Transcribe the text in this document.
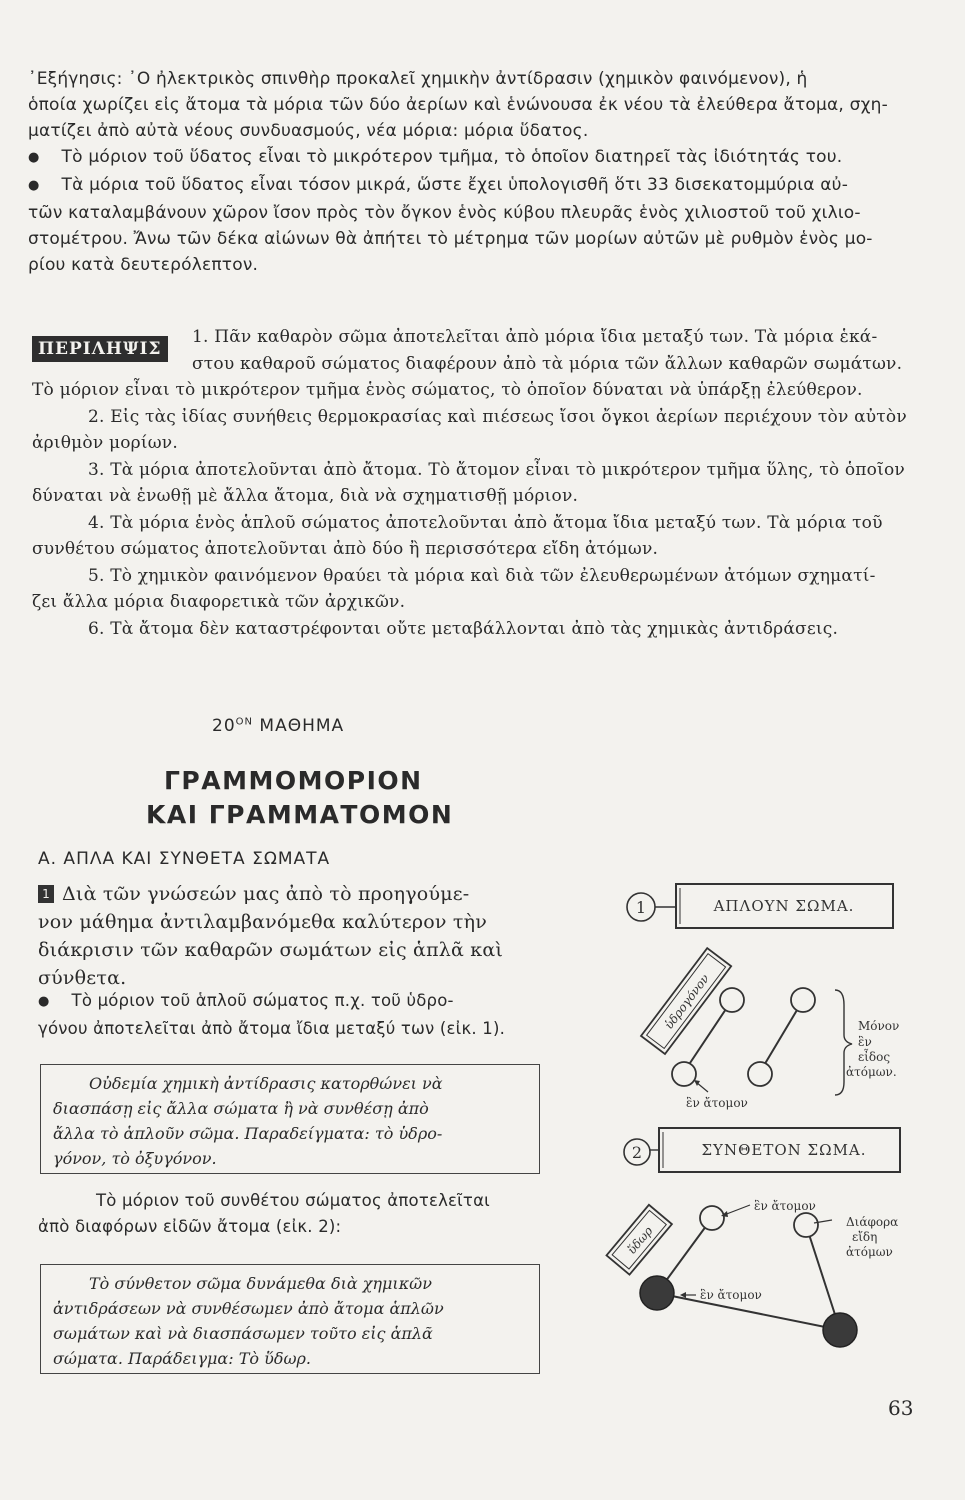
᾽Εξήγησις: ᾽Ο ἠλεκτρικὸς σπινθὴρ προκαλεῖ χημικὴν ἀντίδρασιν (χημικὸν φαινόμενον), ἡ
ὁποία χωρίζει εἰς ἄτομα τὰ μόρια τῶν δύο ἀερίων καὶ ἑνώνουσα ἐκ νέου τὰ ἐλεύθερα ἄτομα, σχη-
ματίζει ἀπὸ αὐτὰ νέους συνδυασμούς, νέα μόρια: μόρια ὕδατος.
● Τὸ μόριον τοῦ ὕδατος εἶναι τὸ μικρότερον τμῆμα, τὸ ὁποῖον διατηρεῖ τὰς ἰδιότητάς του.
● Τὰ μόρια τοῦ ὕδατος εἶναι τόσον μικρά, ὥστε ἔχει ὑπολογισθῆ ὅτι 33 δισεκατομμύρια αὐ-
τῶν καταλαμβάνουν χῶρον ἴσον πρὸς τὸν ὄγκον ἑνὸς κύβου πλευρᾶς ἑνὸς χιλιοστοῦ τοῦ χιλιο-
στομέτρου. Ἄνω τῶν δέκα αἰώνων θὰ ἀπήτει τὸ μέτρημα τῶν μορίων αὐτῶν μὲ ρυθμὸν ἑνὸς μο-
ρίου κατὰ δευτερόλεπτον.
ΠΕΡΙΛΗΨΙΣ
1. Πᾶν καθαρὸν σῶμα ἀποτελεῖται ἀπὸ μόρια ἴδια μεταξύ των. Τὰ μόρια ἑκά-
στου καθαροῦ σώματος διαφέρουν ἀπὸ τὰ μόρια τῶν ἄλλων καθαρῶν σωμάτων.
Τὸ μόριον εἶναι τὸ μικρότερον τμῆμα ἑνὸς σώματος, τὸ ὁποῖον δύναται νὰ ὑπάρξῃ ἐλεύθερον.
2. Εἰς τὰς ἰδίας συνήθεις θερμοκρασίας καὶ πιέσεως ἴσοι ὄγκοι ἀερίων περιέχουν τὸν αὐτὸν
ἀριθμὸν μορίων.
3. Τὰ μόρια ἀποτελοῦνται ἀπὸ ἄτομα. Τὸ ἄτομον εἶναι τὸ μικρότερον τμῆμα ὕλης, τὸ ὁποῖον
δύναται νὰ ἑνωθῇ μὲ ἄλλα ἄτομα, διὰ νὰ σχηματισθῇ μόριον.
4. Τὰ μόρια ἑνὸς ἁπλοῦ σώματος ἀποτελοῦνται ἀπὸ ἄτομα ἴδια μεταξύ των. Τὰ μόρια τοῦ
συνθέτου σώματος ἀποτελοῦνται ἀπὸ δύο ἢ περισσότερα εἴδη ἀτόμων.
5. Τὸ χημικὸν φαινόμενον θραύει τὰ μόρια καὶ διὰ τῶν ἐλευθερωμένων ἀτόμων σχηματί-
ζει ἄλλα μόρια διαφορετικὰ τῶν ἀρχικῶν.
6. Τὰ ἄτομα δὲν καταστρέφονται οὔτε μεταβάλλονται ἀπὸ τὰς χημικὰς ἀντιδράσεις.
$20^{ON}$ ΜΑΘΗΜΑ
ΓΡΑΜΜΟΜΟΡΙΟΝ
ΚΑΙ ΓΡΑΜΜΑΤΟΜΟΝ
Α. ΑΠΛΑ ΚΑΙ ΣΥΝΘΕΤΑ ΣΩΜΑΤΑ
1 Διὰ τῶν γνώσεών μας ἀπὸ τὸ προηγούμε-
νον μάθημα ἀντιλαμβανόμεθα καλύτερον τὴν
διάκρισιν τῶν καθαρῶν σωμάτων εἰς ἁπλᾶ καὶ
σύνθετα.
● Τὸ μόριον τοῦ ἁπλοῦ σώματος π.χ. τοῦ ὑδρο-
γόνου ἀποτελεῖται ἀπὸ ἄτομα ἴδια μεταξύ των (εἰκ. 1).
Οὐδεμία χημικὴ ἀντίδρασις κατορθώνει νὰ
διασπάσῃ εἰς ἄλλα σώματα ἢ νὰ συνθέσῃ ἀπὸ
ἄλλα τὸ ἁπλοῦν σῶμα. Παραδείγματα: τὸ ὑδρο-
γόνον, τὸ ὀξυγόνον.
Τὸ μόριον τοῦ συνθέτου σώματος ἀποτελεῖται
ἀπὸ διαφόρων εἰδῶν ἄτομα (εἰκ. 2):
Τὸ σύνθετον σῶμα δυνάμεθα διὰ χημικῶν
ἀντιδράσεων νὰ συνθέσωμεν ἀπὸ ἄτομα ἁπλῶν
σωμάτων καὶ νὰ διασπάσωμεν τοῦτο εἰς ἁπλᾶ
σώματα. Παράδειγμα: Τὸ ὕδωρ.
1	ΑΠΛΟΥΝ ΣΩΜΑ.
ὑδρογόνον
ἓν ἄτομον
Μόνον
ἓν
εἶδος
ἀτόμων.
2	ΣΥΝΘΕΤΟΝ ΣΩΜΑ.
ὕδωρ
ἓν ἄτομον
ἓν ἄτομον
Διάφορα
εἴδη
ἀτόμων
63
